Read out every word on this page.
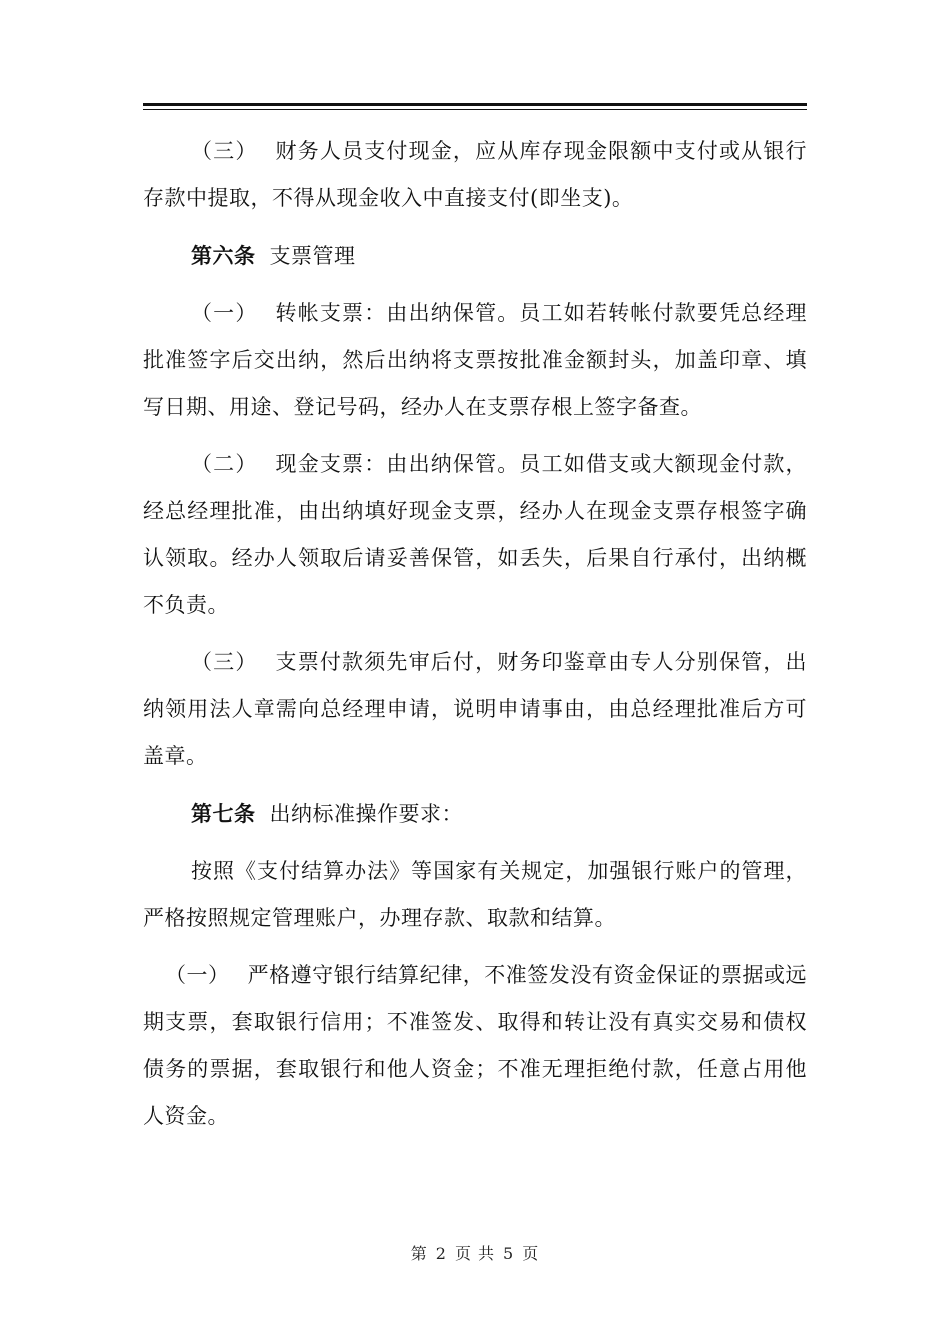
（三） 财务人员支付现金，应从库存现金限额中支付或从银行存款中提取，不得从现金收入中直接支付(即坐支)。

第六条 支票管理

（一） 转帐支票：由出纳保管。员工如若转帐付款要凭总经理批准签字后交出纳，然后出纳将支票按批准金额封头，加盖印章、填写日期、用途、登记号码，经办人在支票存根上签字备查。

（二） 现金支票：由出纳保管。员工如借支或大额现金付款，经总经理批准，由出纳填好现金支票，经办人在现金支票存根签字确认领取。经办人领取后请妥善保管，如丢失，后果自行承付，出纳概不负责。

（三） 支票付款须先审后付，财务印鉴章由专人分别保管，出纳领用法人章需向总经理申请，说明申请事由，由总经理批准后方可盖章。

第七条 出纳标准操作要求：

按照《支付结算办法》等国家有关规定，加强银行账户的管理，严格按照规定管理账户，办理存款、取款和结算。

（一） 严格遵守银行结算纪律，不准签发没有资金保证的票据或远期支票，套取银行信用；不准签发、取得和转让没有真实交易和债权债务的票据，套取银行和他人资金；不准无理拒绝付款，任意占用他人资金。

第 2 页 共 5 页
